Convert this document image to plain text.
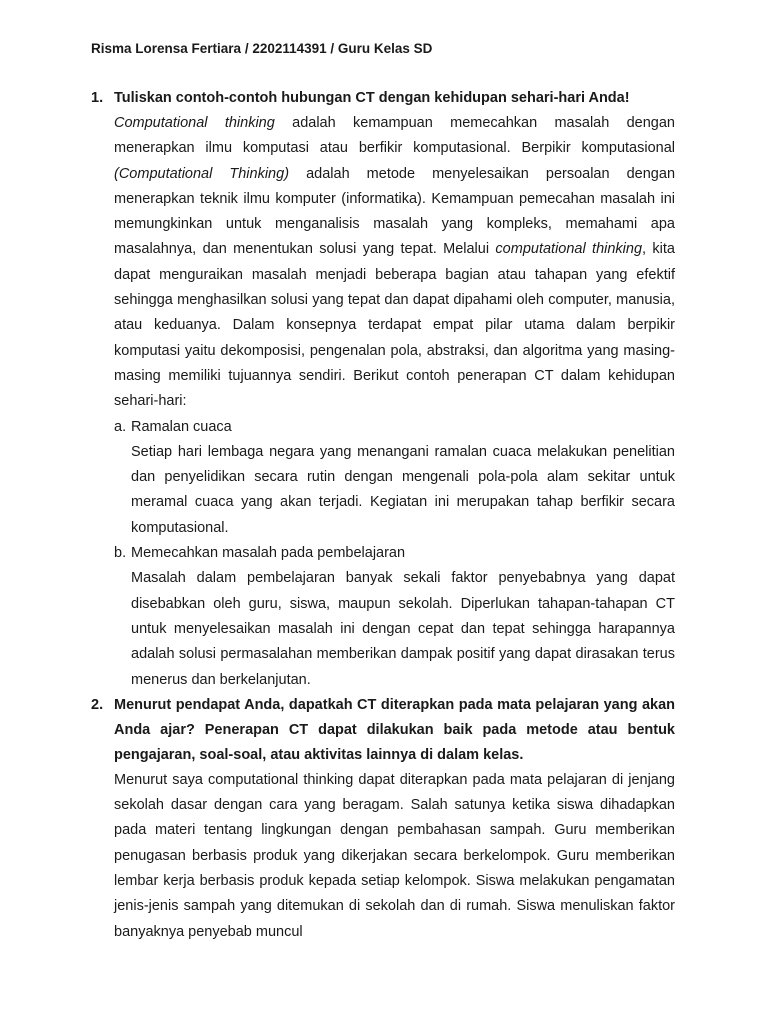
Risma Lorensa Fertiara / 2202114391 / Guru Kelas SD
1. Tuliskan contoh-contoh hubungan CT dengan kehidupan sehari-hari Anda!

Computational thinking adalah kemampuan memecahkan masalah dengan menerapkan ilmu komputasi atau berfikir komputasional. Berpikir komputasional (Computational Thinking) adalah metode menyelesaikan persoalan dengan menerapkan teknik ilmu komputer (informatika). Kemampuan pemecahan masalah ini memungkinkan untuk menganalisis masalah yang kompleks, memahami apa masalahnya, dan menentukan solusi yang tepat. Melalui computational thinking, kita dapat menguraikan masalah menjadi beberapa bagian atau tahapan yang efektif sehingga menghasilkan solusi yang tepat dan dapat dipahami oleh computer, manusia, atau keduanya. Dalam konsepnya terdapat empat pilar utama dalam berpikir komputasi yaitu dekomposisi, pengenalan pola, abstraksi, dan algoritma yang masing-masing memiliki tujuannya sendiri. Berikut contoh penerapan CT dalam kehidupan sehari-hari:

a. Ramalan cuaca

Setiap hari lembaga negara yang menangani ramalan cuaca melakukan penelitian dan penyelidikan secara rutin dengan mengenali pola-pola alam sekitar untuk meramal cuaca yang akan terjadi. Kegiatan ini merupakan tahap berfikir secara komputasional.

b. Memecahkan masalah pada pembelajaran

Masalah dalam pembelajaran banyak sekali faktor penyebabnya yang dapat disebabkan oleh guru, siswa, maupun sekolah. Diperlukan tahapan-tahapan CT untuk menyelesaikan masalah ini dengan cepat dan tepat sehingga harapannya adalah solusi permasalahan memberikan dampak positif yang dapat dirasakan terus menerus dan berkelanjutan.

2. Menurut pendapat Anda, dapatkah CT diterapkan pada mata pelajaran yang akan Anda ajar? Penerapan CT dapat dilakukan baik pada metode atau bentuk pengajaran, soal-soal, atau aktivitas lainnya di dalam kelas.

Menurut saya computational thinking dapat diterapkan pada mata pelajaran di jenjang sekolah dasar dengan cara yang beragam. Salah satunya ketika siswa dihadapkan pada materi tentang lingkungan dengan pembahasan sampah. Guru memberikan penugasan berbasis produk yang dikerjakan secara berkelompok. Guru memberikan lembar kerja berbasis produk kepada setiap kelompok. Siswa melakukan pengamatan jenis-jenis sampah yang ditemukan di sekolah dan di rumah. Siswa menuliskan faktor banyaknya penyebab muncul
